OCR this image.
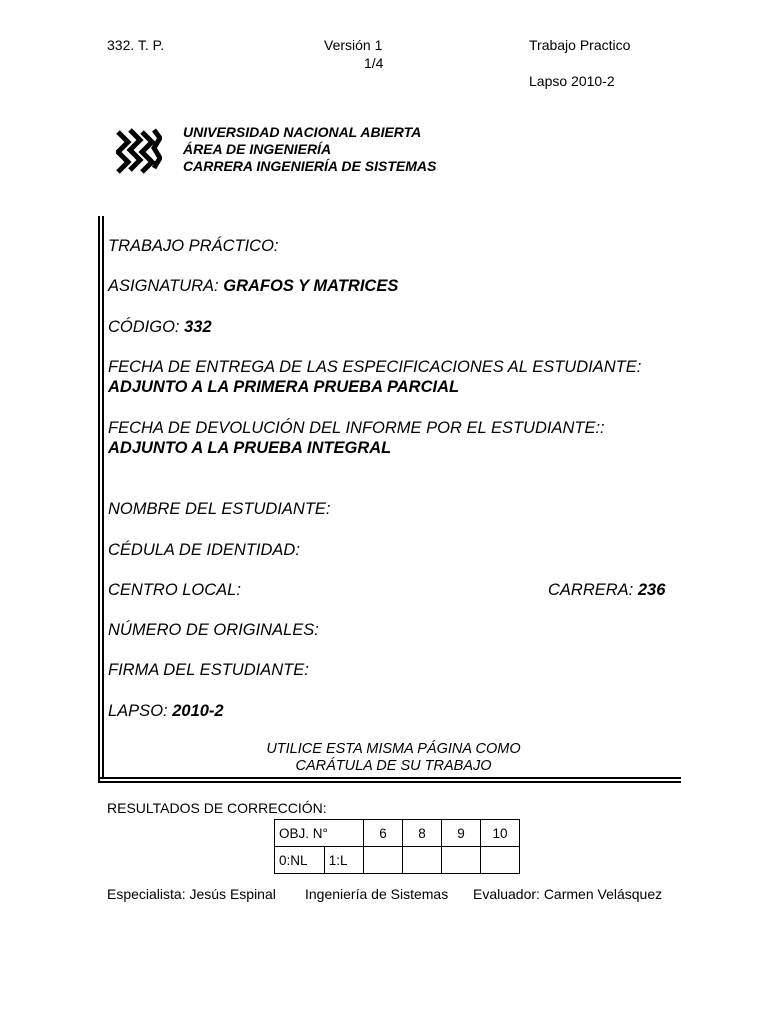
332. T. P.	Versión 1
1/4
Trabajo Practico
Lapso 2010-2
UNIVERSIDAD NACIONAL ABIERTA
ÁREA DE INGENIERÍA
CARRERA INGENIERÍA DE SISTEMAS
TRABAJO PRÁCTICO:
ASIGNATURA: GRAFOS Y MATRICES
CÓDIGO: 332
FECHA DE ENTREGA DE LAS ESPECIFICACIONES AL ESTUDIANTE:
ADJUNTO A LA PRIMERA PRUEBA PARCIAL
FECHA DE DEVOLUCIÓN DEL INFORME POR EL ESTUDIANTE::
ADJUNTO A LA PRUEBA INTEGRAL
NOMBRE DEL ESTUDIANTE:
CÉDULA DE IDENTIDAD:
CENTRO LOCAL:	CARRERA: 236
NÚMERO DE ORIGINALES:
FIRMA DEL ESTUDIANTE:
LAPSO: 2010-2
UTILICE ESTA MISMA PÁGINA COMO
CARÁTULA DE SU TRABAJO
RESULTADOS DE CORRECCIÓN:
OBJ. N°		6	8	9	10
0:NL	1:L				
Especialista: Jesús Espinal Ingeniería de Sistemas Evaluador: Carmen Velásquez
